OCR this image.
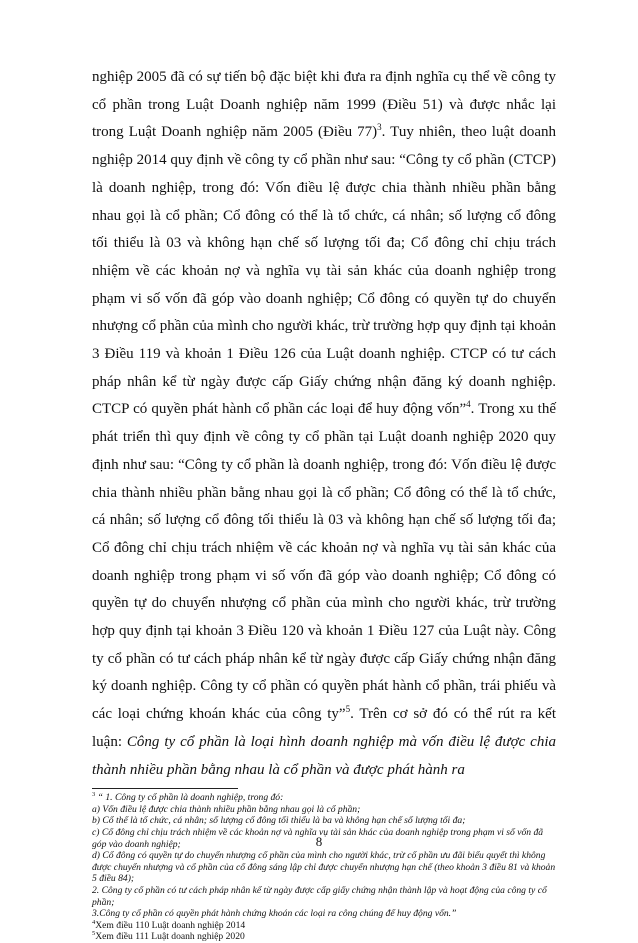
nghiệp 2005 đã có sự tiến bộ đặc biệt khi đưa ra định nghĩa cụ thể về công ty cổ phần trong Luật Doanh nghiệp năm 1999 (Điều 51) và được nhắc lại trong Luật Doanh nghiệp năm 2005 (Điều 77)$^3$. Tuy nhiên, theo luật doanh nghiệp 2014 quy định về công ty cổ phần như sau: “Công ty cổ phần (CTCP) là doanh nghiệp, trong đó: Vốn điều lệ được chia thành nhiều phần bằng nhau gọi là cổ phần; Cổ đông có thể là tổ chức, cá nhân; số lượng cổ đông tối thiểu là 03 và không hạn chế số lượng tối đa; Cổ đông chỉ chịu trách nhiệm về các khoản nợ và nghĩa vụ tài sản khác của doanh nghiệp trong phạm vi số vốn đã góp vào doanh nghiệp; Cổ đông có quyền tự do chuyển nhượng cổ phần của mình cho người khác, trừ trường hợp quy định tại khoản 3 Điều 119 và khoản 1 Điều 126 của Luật doanh nghiệp. CTCP có tư cách pháp nhân kể từ ngày được cấp Giấy chứng nhận đăng ký doanh nghiệp. CTCP có quyền phát hành cổ phần các loại để huy động vốn”$^4$. Trong xu thế phát triển thì quy định về công ty cổ phần tại Luật doanh nghiệp 2020 quy định như sau: “Công ty cổ phần là doanh nghiệp, trong đó: Vốn điều lệ được chia thành nhiều phần bằng nhau gọi là cổ phần; Cổ đông có thể là tổ chức, cá nhân; số lượng cổ đông tối thiểu là 03 và không hạn chế số lượng tối đa; Cổ đông chỉ chịu trách nhiệm về các khoản nợ và nghĩa vụ tài sản khác của doanh nghiệp trong phạm vi số vốn đã góp vào doanh nghiệp; Cổ đông có quyền tự do chuyển nhượng cổ phần của mình cho người khác, trừ trường hợp quy định tại khoản 3 Điều 120 và khoản 1 Điều 127 của Luật này. Công ty cổ phần có tư cách pháp nhân kể từ ngày được cấp Giấy chứng nhận đăng ký doanh nghiệp. Công ty cổ phần có quyền phát hành cổ phần, trái phiếu và các loại chứng khoán khác của công ty”$^5$. Trên cơ sở đó có thể rút ra kết luận: Công ty cổ phần là loại hình doanh nghiệp mà vốn điều lệ được chia thành nhiều phần bằng nhau là cổ phần và được phát hành ra

$^3$ “ 1. Công ty cổ phần là doanh nghiệp, trong đó:

a) Vốn điều lệ được chia thành nhiều phần bằng nhau gọi là cổ phần;

b) Cổ thể là tổ chức, cá nhân; số lượng cổ đông tối thiểu là ba và không hạn chế số lượng tối đa;

c) Cổ đông chỉ chịu trách nhiệm về các khoản nợ và nghĩa vụ tài sản khác của doanh nghiệp trong phạm vi số vốn đã góp vào doanh nghiệp;

d) Cổ đông có quyền tự do chuyển nhượng cổ phần của mình cho người khác, trừ cổ phần ưu đãi biểu quyết thì không được chuyển nhượng và cổ phần của cổ đông sáng lập chỉ được chuyển nhượng hạn chế (theo khoản 3 điều 81 và khoản 5 điều 84);

2. Công ty cổ phần có tư cách pháp nhân kể từ ngày được cấp giấy chứng nhận thành lập và hoạt động của công ty cổ phần;

3.Công ty cổ phần có quyền phát hành chứng khoán các loại ra công chúng để huy động vốn.”

$^4$Xem điều 110 Luật doanh nghiệp 2014

$^5$Xem điều 111 Luật doanh nghiệp 2020

8
